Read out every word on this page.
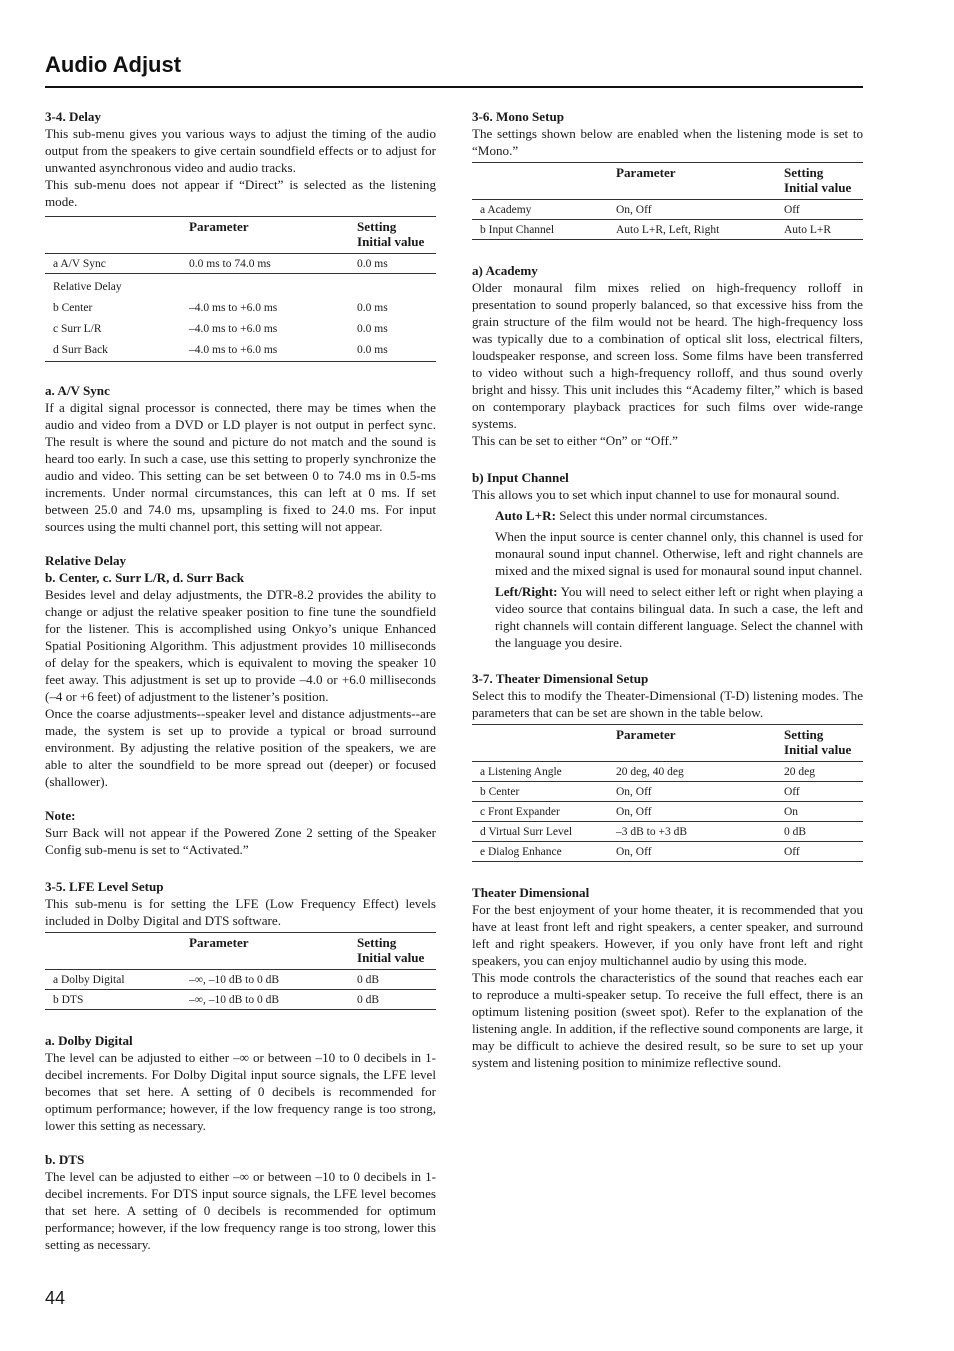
Audio Adjust
3-4. Delay

This sub-menu gives you various ways to adjust the timing of the audio output from the speakers to give certain soundfield effects or to adjust for unwanted asynchronous video and audio tracks.

This sub-menu does not appear if “Direct” is selected as the listening mode.

	Parameter	Setting
Initial value
a A/V Sync	0.0 ms to 74.0 ms	0.0 ms
Relative Delay		
b Center	–4.0 ms to +6.0 ms	0.0 ms
c Surr L/R	–4.0 ms to +6.0 ms	0.0 ms
d Surr Back	–4.0 ms to +6.0 ms	0.0 ms
a. A/V Sync

If a digital signal processor is connected, there may be times when the audio and video from a DVD or LD player is not output in perfect sync. The result is where the sound and picture do not match and the sound is heard too early. In such a case, use this setting to properly synchronize the audio and video. This setting can be set between 0 to 74.0 ms in 0.5-ms increments. Under normal circumstances, this can left at 0 ms. If set between 25.0 and 74.0 ms, upsampling is fixed to 24.0 ms. For input sources using the multi channel port, this setting will not appear.

Relative Delay
b. Center, c. Surr L/R, d. Surr Back

Besides level and delay adjustments, the DTR-8.2 provides the ability to change or adjust the relative speaker position to fine tune the soundfield for the listener. This is accomplished using Onkyo’s unique Enhanced Spatial Positioning Algorithm. This adjustment provides 10 milliseconds of delay for the speakers, which is equivalent to moving the speaker 10 feet away. This adjustment is set up to provide –4.0 or +6.0 milliseconds (–4 or +6 feet) of adjustment to the listener’s position.

Once the coarse adjustments--speaker level and distance adjustments--are made, the system is set up to provide a typical or broad surround environment. By adjusting the relative position of the speakers, we are able to alter the soundfield to be more spread out (deeper) or focused (shallower).

Note:

Surr Back will not appear if the Powered Zone 2 setting of the Speaker Config sub-menu is set to “Activated.”

3-5. LFE Level Setup

This sub-menu is for setting the LFE (Low Frequency Effect) levels included in Dolby Digital and DTS software.

	Parameter	Setting
Initial value
a Dolby Digital	–∞, –10 dB to 0 dB	0 dB
b DTS	–∞, –10 dB to 0 dB	0 dB
a. Dolby Digital

The level can be adjusted to either –∞ or between –10 to 0 decibels in 1-decibel increments. For Dolby Digital input source signals, the LFE level becomes that set here. A setting of 0 decibels is recommended for optimum performance; however, if the low frequency range is too strong, lower this setting as necessary.

b. DTS

The level can be adjusted to either –∞ or between –10 to 0 decibels in 1-decibel increments. For DTS input source signals, the LFE level becomes that set here. A setting of 0 decibels is recommended for optimum performance; however, if the low frequency range is too strong, lower this setting as necessary.

3-6. Mono Setup

The settings shown below are enabled when the listening mode is set to “Mono.”

	Parameter	Setting
Initial value
a Academy	On, Off	Off
b Input Channel	Auto L+R, Left, Right	Auto L+R
a) Academy

Older monaural film mixes relied on high-frequency rolloff in presentation to sound properly balanced, so that excessive hiss from the grain structure of the film would not be heard. The high-frequency loss was typically due to a combination of optical slit loss, electrical filters, loudspeaker response, and screen loss. Some films have been transferred to video without such a high-frequency rolloff, and thus sound overly bright and hissy. This unit includes this “Academy filter,” which is based on contemporary playback practices for such films over wide-range systems.

This can be set to either “On” or “Off.”

b) Input Channel

This allows you to set which input channel to use for monaural sound.

Auto L+R: Select this under normal circumstances.

When the input source is center channel only, this channel is used for monaural sound input channel. Otherwise, left and right channels are mixed and the mixed signal is used for monaural sound input channel.

Left/Right: You will need to select either left or right when playing a video source that contains bilingual data. In such a case, the left and right channels will contain different language. Select the channel with the language you desire.

3-7. Theater Dimensional Setup

Select this to modify the Theater-Dimensional (T-D) listening modes. The parameters that can be set are shown in the table below.

	Parameter	Setting
Initial value
a Listening Angle	20 deg, 40 deg	20 deg
b Center	On, Off	Off
c Front Expander	On, Off	On
d Virtual Surr Level	–3 dB to +3 dB	0 dB
e Dialog Enhance	On, Off	Off
Theater Dimensional

For the best enjoyment of your home theater, it is recommended that you have at least front left and right speakers, a center speaker, and surround left and right speakers. However, if you only have front left and right speakers, you can enjoy multichannel audio by using this mode.

This mode controls the characteristics of the sound that reaches each ear to reproduce a multi-speaker setup. To receive the full effect, there is an optimum listening position (sweet spot). Refer to the explanation of the listening angle. In addition, if the reflective sound components are large, it may be difficult to achieve the desired result, so be sure to set up your system and listening position to minimize reflective sound.

44
